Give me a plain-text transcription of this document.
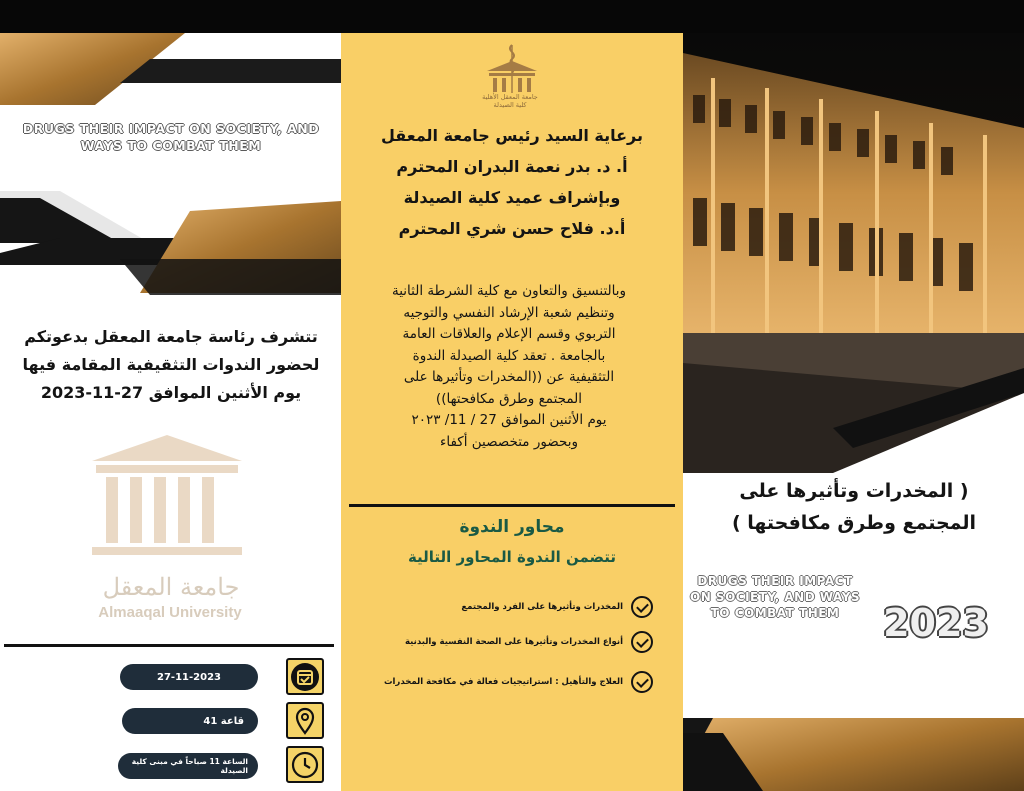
DRUGS THEIR IMPACT ON SOCIETY, AND WAYS TO COMBAT THEM
تتشرف رئاسة جامعة المعقل بدعوتكم لحضور الندوات التثقيفية المقامة فيها يوم الأثنين الموافق 27-11-2023
جامعة المعقل
Almaaqal University
27-11-2023
قاعة 41
الساعة 11 صباحاً في مبنى كلية الصيدلة
جامعة المعقل الأهلية
كلية الصيدلة
برعاية السيد رئيس جامعة المعقل
أ. د. بدر نعمة البدران المحترم
وبإشراف عميد كلية الصيدلة
أ.د. فلاح حسن شري المحترم
وبالتنسيق والتعاون مع كلية الشرطة الثانية
وتنظيم شعبة الإرشاد النفسي والتوجيه
التربوي وقسم الإعلام والعلاقات العامة
بالجامعة . تعقد كلية الصيدلة الندوة
التثقيفية عن ((المخدرات وتأثيرها على
المجتمع وطرق مكافحتها))
يوم الأثنين الموافق 27 / 11/ ٢٠٢٣
وبحضور متخصصين أكفاء
محاور الندوة
تتضمن الندوة المحاور التالية
المخدرات وتأثيرها على الفرد والمجتمع
أنواع المخدرات وتأثيرها على الصحة النفسية والبدنية
العلاج والتأهيل : استراتيجيات فعالة في مكافحة المخدرات
( المخدرات وتأثيرها على
المجتمع وطرق مكافحتها )
DRUGS THEIR IMPACT ON SOCIETY, AND WAYS TO COMBAT THEM	2023
